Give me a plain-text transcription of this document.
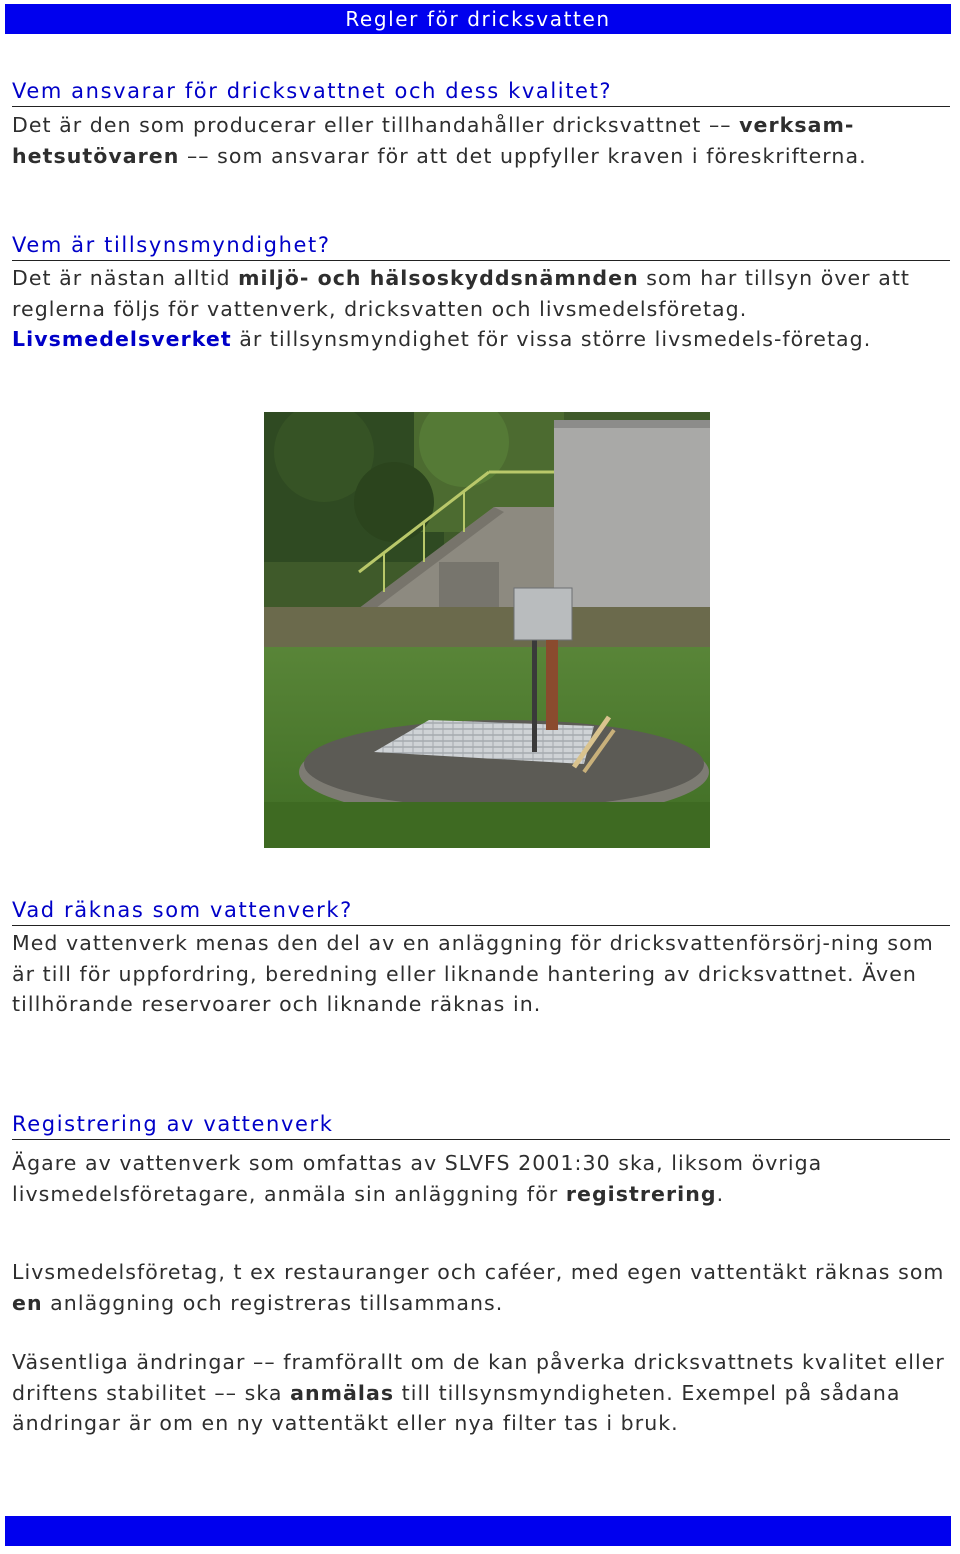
Regler för dricksvatten
Vem ansvarar för dricksvattnet och dess kvalitet?
Det är den som producerar eller tillhandahåller dricksvattnet –– verksam-
hetsutövaren –– som ansvarar för att det uppfyller kraven i föreskrifterna.
Vem är tillsynsmyndighet?
Det är nästan alltid miljö- och hälsoskyddsnämnden som har tillsyn över att reglerna följs för vattenverk, dricksvatten och livsmedelsföretag.
Livsmedelsverket är tillsynsmyndighet för vissa större livsmedels-företag.
Vad räknas som vattenverk?
Med vattenverk menas den del av en anläggning för dricksvattenförsörj-ning som är till för uppfordring, beredning eller liknande hantering av dricksvattnet. Även tillhörande reservoarer och liknande räknas in.
Registrering av vattenverk
Ägare av vattenverk som omfattas av SLVFS 2001:30 ska, liksom övriga livsmedelsföretagare, anmäla sin anläggning för registrering.
Livsmedelsföretag, t ex restauranger och caféer, med egen vattentäkt räknas som en anläggning och registreras tillsammans.
Väsentliga ändringar –– framförallt om de kan påverka dricksvattnets kvalitet eller driftens stabilitet –– ska anmälas till tillsynsmyndigheten. Exempel på sådana ändringar är om en ny vattentäkt eller nya filter tas i bruk.
